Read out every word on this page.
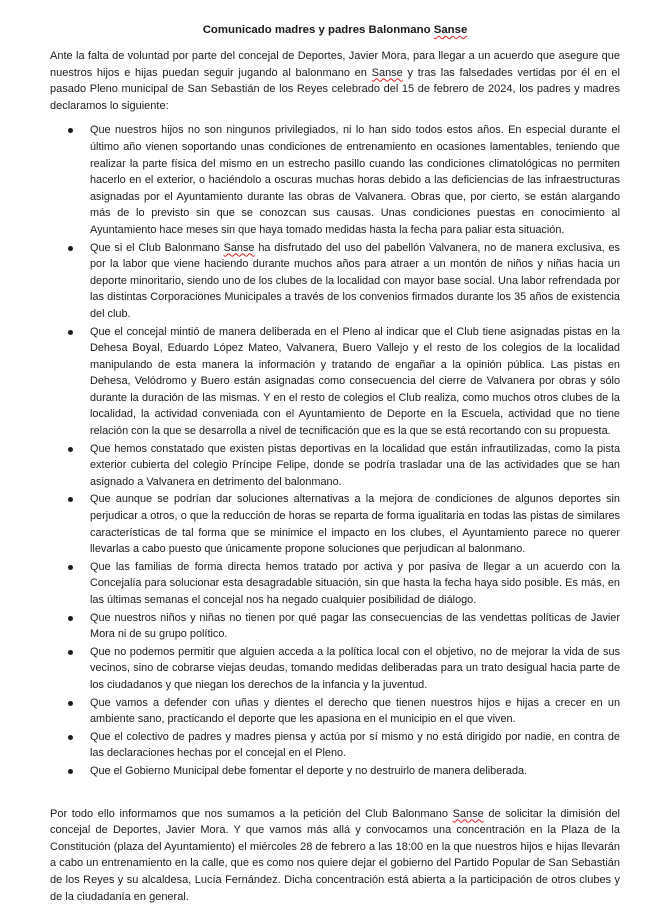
Comunicado madres y padres Balonmano Sanse

Ante la falta de voluntad por parte del concejal de Deportes, Javier Mora, para llegar a un acuerdo que asegure que nuestros hijos e hijas puedan seguir jugando al balonmano en Sanse y tras las falsedades vertidas por él en el pasado Pleno municipal de San Sebastián de los Reyes celebrado del 15 de febrero de 2024, los padres y madres declaramos lo siguiente:

Que nuestros hijos no son ningunos privilegiados, ni lo han sido todos estos años. En especial durante el último año vienen soportando unas condiciones de entrenamiento en ocasiones lamentables, teniendo que realizar la parte física del mismo en un estrecho pasillo cuando las condiciones climatológicas no permiten hacerlo en el exterior, o haciéndolo a oscuras muchas horas debido a las deficiencias de las infraestructuras asignadas por el Ayuntamiento durante las obras de Valvanera. Obras que, por cierto, se están alargando más de lo previsto sin que se conozcan sus causas. Unas condiciones puestas en conocimiento al Ayuntamiento hace meses sin que haya tomado medidas hasta la fecha para paliar esta situación.
Que si el Club Balonmano Sanse ha disfrutado del uso del pabellón Valvanera, no de manera exclusiva, es por la labor que viene haciendo durante muchos años para atraer a un montón de niños y niñas hacia un deporte minoritario, siendo uno de los clubes de la localidad con mayor base social. Una labor refrendada por las distintas Corporaciones Municipales a través de los convenios firmados durante los 35 años de existencia del club.
Que el concejal mintió de manera deliberada en el Pleno al indicar que el Club tiene asignadas pistas en la Dehesa Boyal, Eduardo López Mateo, Valvanera, Buero Vallejo y el resto de los colegios de la localidad manipulando de esta manera la información y tratando de engañar a la opinión pública. Las pistas en Dehesa, Velódromo y Buero están asignadas como consecuencia del cierre de Valvanera por obras y sólo durante la duración de las mismas. Y en el resto de colegios el Club realiza, como muchos otros clubes de la localidad, la actividad conveniada con el Ayuntamiento de Deporte en la Escuela, actividad que no tiene relación con la que se desarrolla a nivel de tecnificación que es la que se está recortando con su propuesta.
Que hemos constatado que existen pistas deportivas en la localidad que están infrautilizadas, como la pista exterior cubierta del colegio Príncipe Felipe, donde se podría trasladar una de las actividades que se han asignado a Valvanera en detrimento del balonmano.
Que aunque se podrían dar soluciones alternativas a la mejora de condiciones de algunos deportes sin perjudicar a otros, o que la reducción de horas se reparta de forma igualitaria en todas las pistas de similares características de tal forma que se minimice el impacto en los clubes, el Ayuntamiento parece no querer llevarlas a cabo puesto que únicamente propone soluciones que perjudican al balonmano.
Que las familias de forma directa hemos tratado por activa y por pasiva de llegar a un acuerdo con la Concejalía para solucionar esta desagradable situación, sin que hasta la fecha haya sido posible. Es más, en las últimas semanas el concejal nos ha negado cualquier posibilidad de diálogo.
Que nuestros niños y niñas no tienen por qué pagar las consecuencias de las vendettas políticas de Javier Mora ni de su grupo político.
Que no podemos permitir que alguien acceda a la política local con el objetivo, no de mejorar la vida de sus vecinos, sino de cobrarse viejas deudas, tomando medidas deliberadas para un trato desigual hacia parte de los ciudadanos y que niegan los derechos de la infancia y la juventud.
Que vamos a defender con uñas y dientes el derecho que tienen nuestros hijos e hijas a crecer en un ambiente sano, practicando el deporte que les apasiona en el municipio en el que viven.
Que el colectivo de padres y madres piensa y actúa por sí mismo y no está dirigido por nadie, en contra de las declaraciones hechas por el concejal en el Pleno.
Que el Gobierno Municipal debe fomentar el deporte y no destruirlo de manera deliberada.

Por todo ello informamos que nos sumamos a la petición del Club Balonmano Sanse de solicitar la dimisión del concejal de Deportes, Javier Mora. Y que vamos más allá y convocamos una concentración en la Plaza de la Constitución (plaza del Ayuntamiento) el miércoles 28 de febrero a las 18:00 en la que nuestros hijos e hijas llevarán a cabo un entrenamiento en la calle, que es como nos quiere dejar el gobierno del Partido Popular de San Sebastián de los Reyes y su alcaldesa, Lucía Fernández. Dicha concentración está abierta a la participación de otros clubes y de la ciudadanía en general.
